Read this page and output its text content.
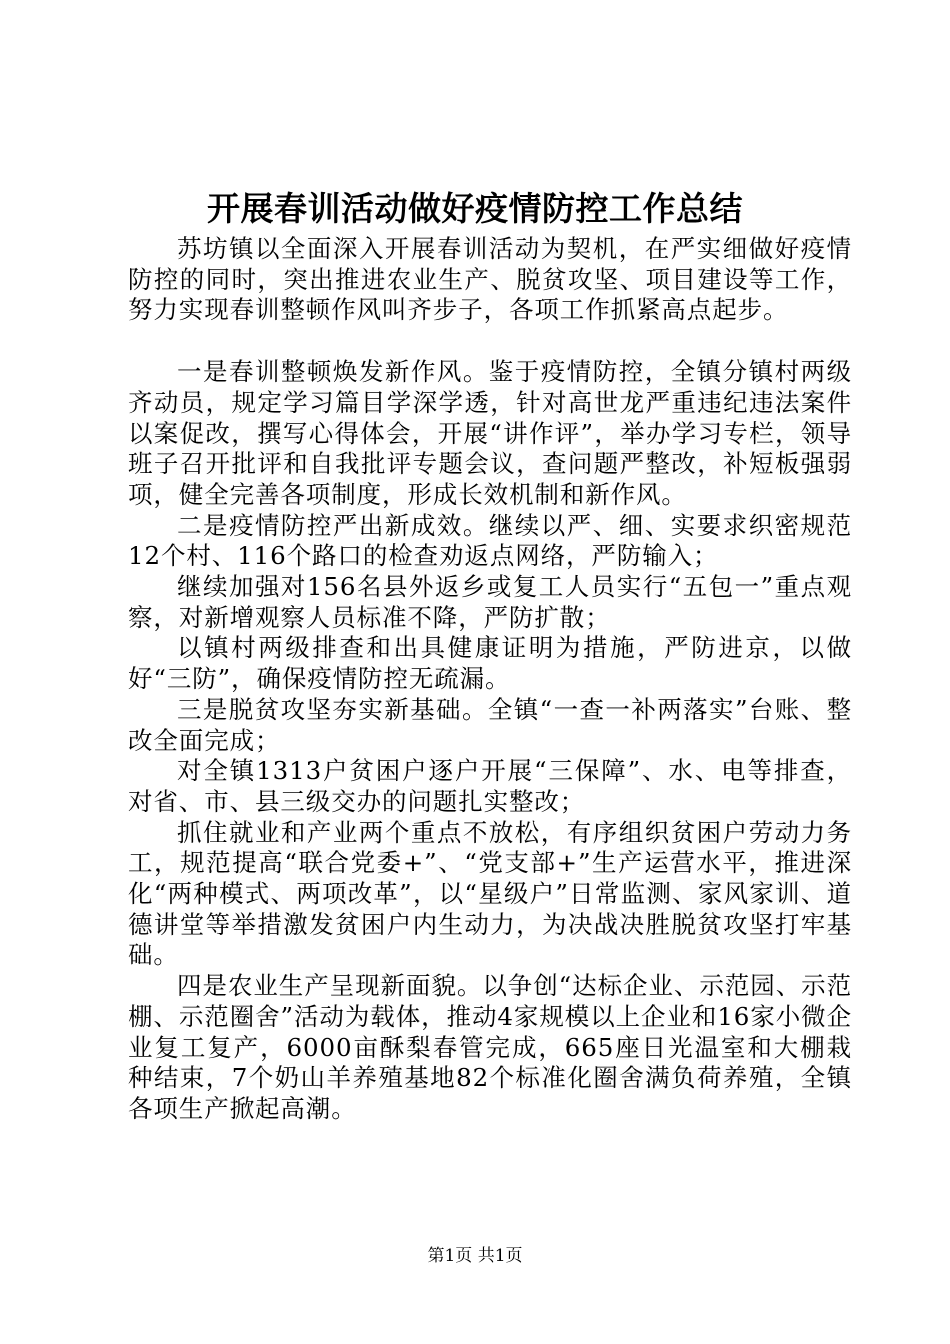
开展春训活动做好疫情防控工作总结

苏坊镇以全面深入开展春训活动为契机，在严实细做好疫情防控的同时，突出推进农业生产、脱贫攻坚、项目建设等工作，努力实现春训整顿作风叫齐步子，各项工作抓紧高点起步。

一是春训整顿焕发新作风。鉴于疫情防控，全镇分镇村两级齐动员，规定学习篇目学深学透，针对高世龙严重违纪违法案件以案促改，撰写心得体会，开展“讲作评”，举办学习专栏，领导班子召开批评和自我批评专题会议，查问题严整改，补短板强弱项，健全完善各项制度，形成长效机制和新作风。

二是疫情防控严出新成效。继续以严、细、实要求织密规范12个村、116个路口的检查劝返点网络，严防输入；

继续加强对156名县外返乡或复工人员实行“五包一”重点观察，对新增观察人员标准不降，严防扩散；

以镇村两级排查和出具健康证明为措施，严防进京，以做好“三防”，确保疫情防控无疏漏。

三是脱贫攻坚夯实新基础。全镇“一查一补两落实”台账、整改全面完成；

对全镇1313户贫困户逐户开展“三保障”、水、电等排查，对省、市、县三级交办的问题扎实整改；

抓住就业和产业两个重点不放松，有序组织贫困户劳动力务工，规范提高“联合党委+”、“党支部+”生产运营水平，推进深化“两种模式、两项改革”，以“星级户”日常监测、家风家训、道德讲堂等举措激发贫困户内生动力，为决战决胜脱贫攻坚打牢基础。

四是农业生产呈现新面貌。以争创“达标企业、示范园、示范棚、示范圈舍”活动为载体，推动4家规模以上企业和16家小微企业复工复产，6000亩酥梨春管完成，665座日光温室和大棚栽种结束，7个奶山羊养殖基地82个标准化圈舍满负荷养殖，全镇各项生产掀起高潮。

第1页 共1页
